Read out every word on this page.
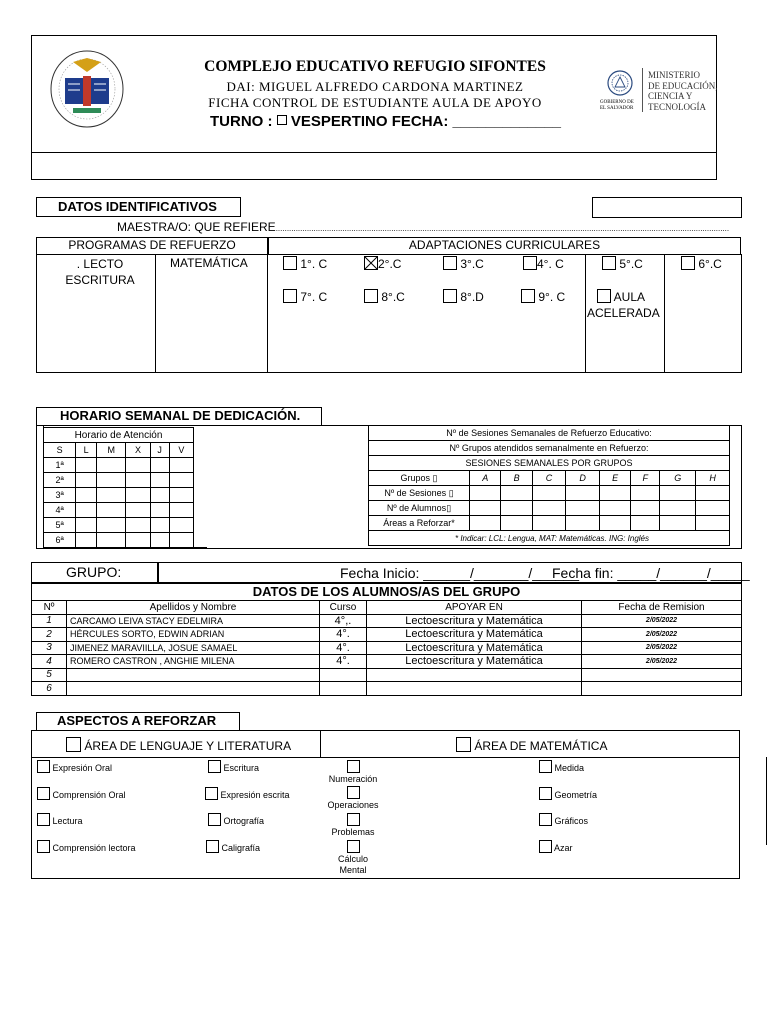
COMPLEJO EDUCATIVO REFUGIO SIFONTES
DAI: MIGUEL ALFREDO CARDONA MARTINEZ
FICHA CONTROL DE ESTUDIANTE AULA DE APOYO
TURNO : VESPERTINO FECHA: _____________
GOBIERNO DE
EL SALVADOR
MINISTERIO
DE EDUCACIÓN,
CIENCIA Y
TECNOLOGÍA
DATOS IDENTIFICATIVOS
MAESTRA/O: QUE REFIERE............................................................................................................................................................................................................
PROGRAMAS DE REFUERZO	ADAPTACIONES CURRICULARES
. LECTO
ESCRITURA
MATEMÁTICA	1°. C	2°.C	3°.C	4°. C	5°.C	6°.C
7°. C	8°.C	8°.D	9°. C	AULA
ACELERADA
HORARIO SEMANAL DE DEDICACIÓN.
Horario de Atención					
S	L	M	X	J	V
1ª					
2ª					
3ª					
4ª					
5ª					
6ª					
Nº de Sesiones Semanales de Refuerzo Educativo:								
Nº Grupos atendidos semanalmente en Refuerzo:								
SESIONES SEMANALES POR GRUPOS								
Grupos ▯	A	B	C	D	E	F	G	H
Nº de Sesiones ▯								
Nº de Alumnos▯								
Áreas a Reforzar*								
* Indicar: LCL: Lengua, MAT: Matemáticas. ING: Inglés								
GRUPO:	Fecha Inicio: ______/_______/______
Fecha fin: _____/______/_____
DATOS DE LOS ALUMNOS/AS DEL GRUPO
Nº	Apellidos y Nombre	Curso	APOYAR EN	Fecha de Remision
1	CARCAMO LEIVA STACY EDELMIRA	4°,.	Lectoescritura y Matemática	2/05/2022
2	HÉRCULES SORTO, EDWIN ADRIAN	4°.	Lectoescritura y Matemática	2/05/2022
3	JIMENEZ MARAVIILLA, JOSUE SAMAEL	4°.	Lectoescritura y Matemática	2/05/2022
4	ROMERO CASTRON , ANGHIE MILENA	4°.	Lectoescritura y Matemática	2/05/2022
5				
6				
ASPECTOS A REFORZAR
ÁREA DE LENGUAJE Y LITERATURA	ÁREA DE MATEMÁTICA
Expresión Oral
Comprensión Oral
Lectura
Comprensión lectora
Escritura
Expresión escrita
Ortografía
Caligrafía
Numeración
Operaciones
Problemas
Cálculo
Mental
Medida
Geometría
Gráficos
Azar
